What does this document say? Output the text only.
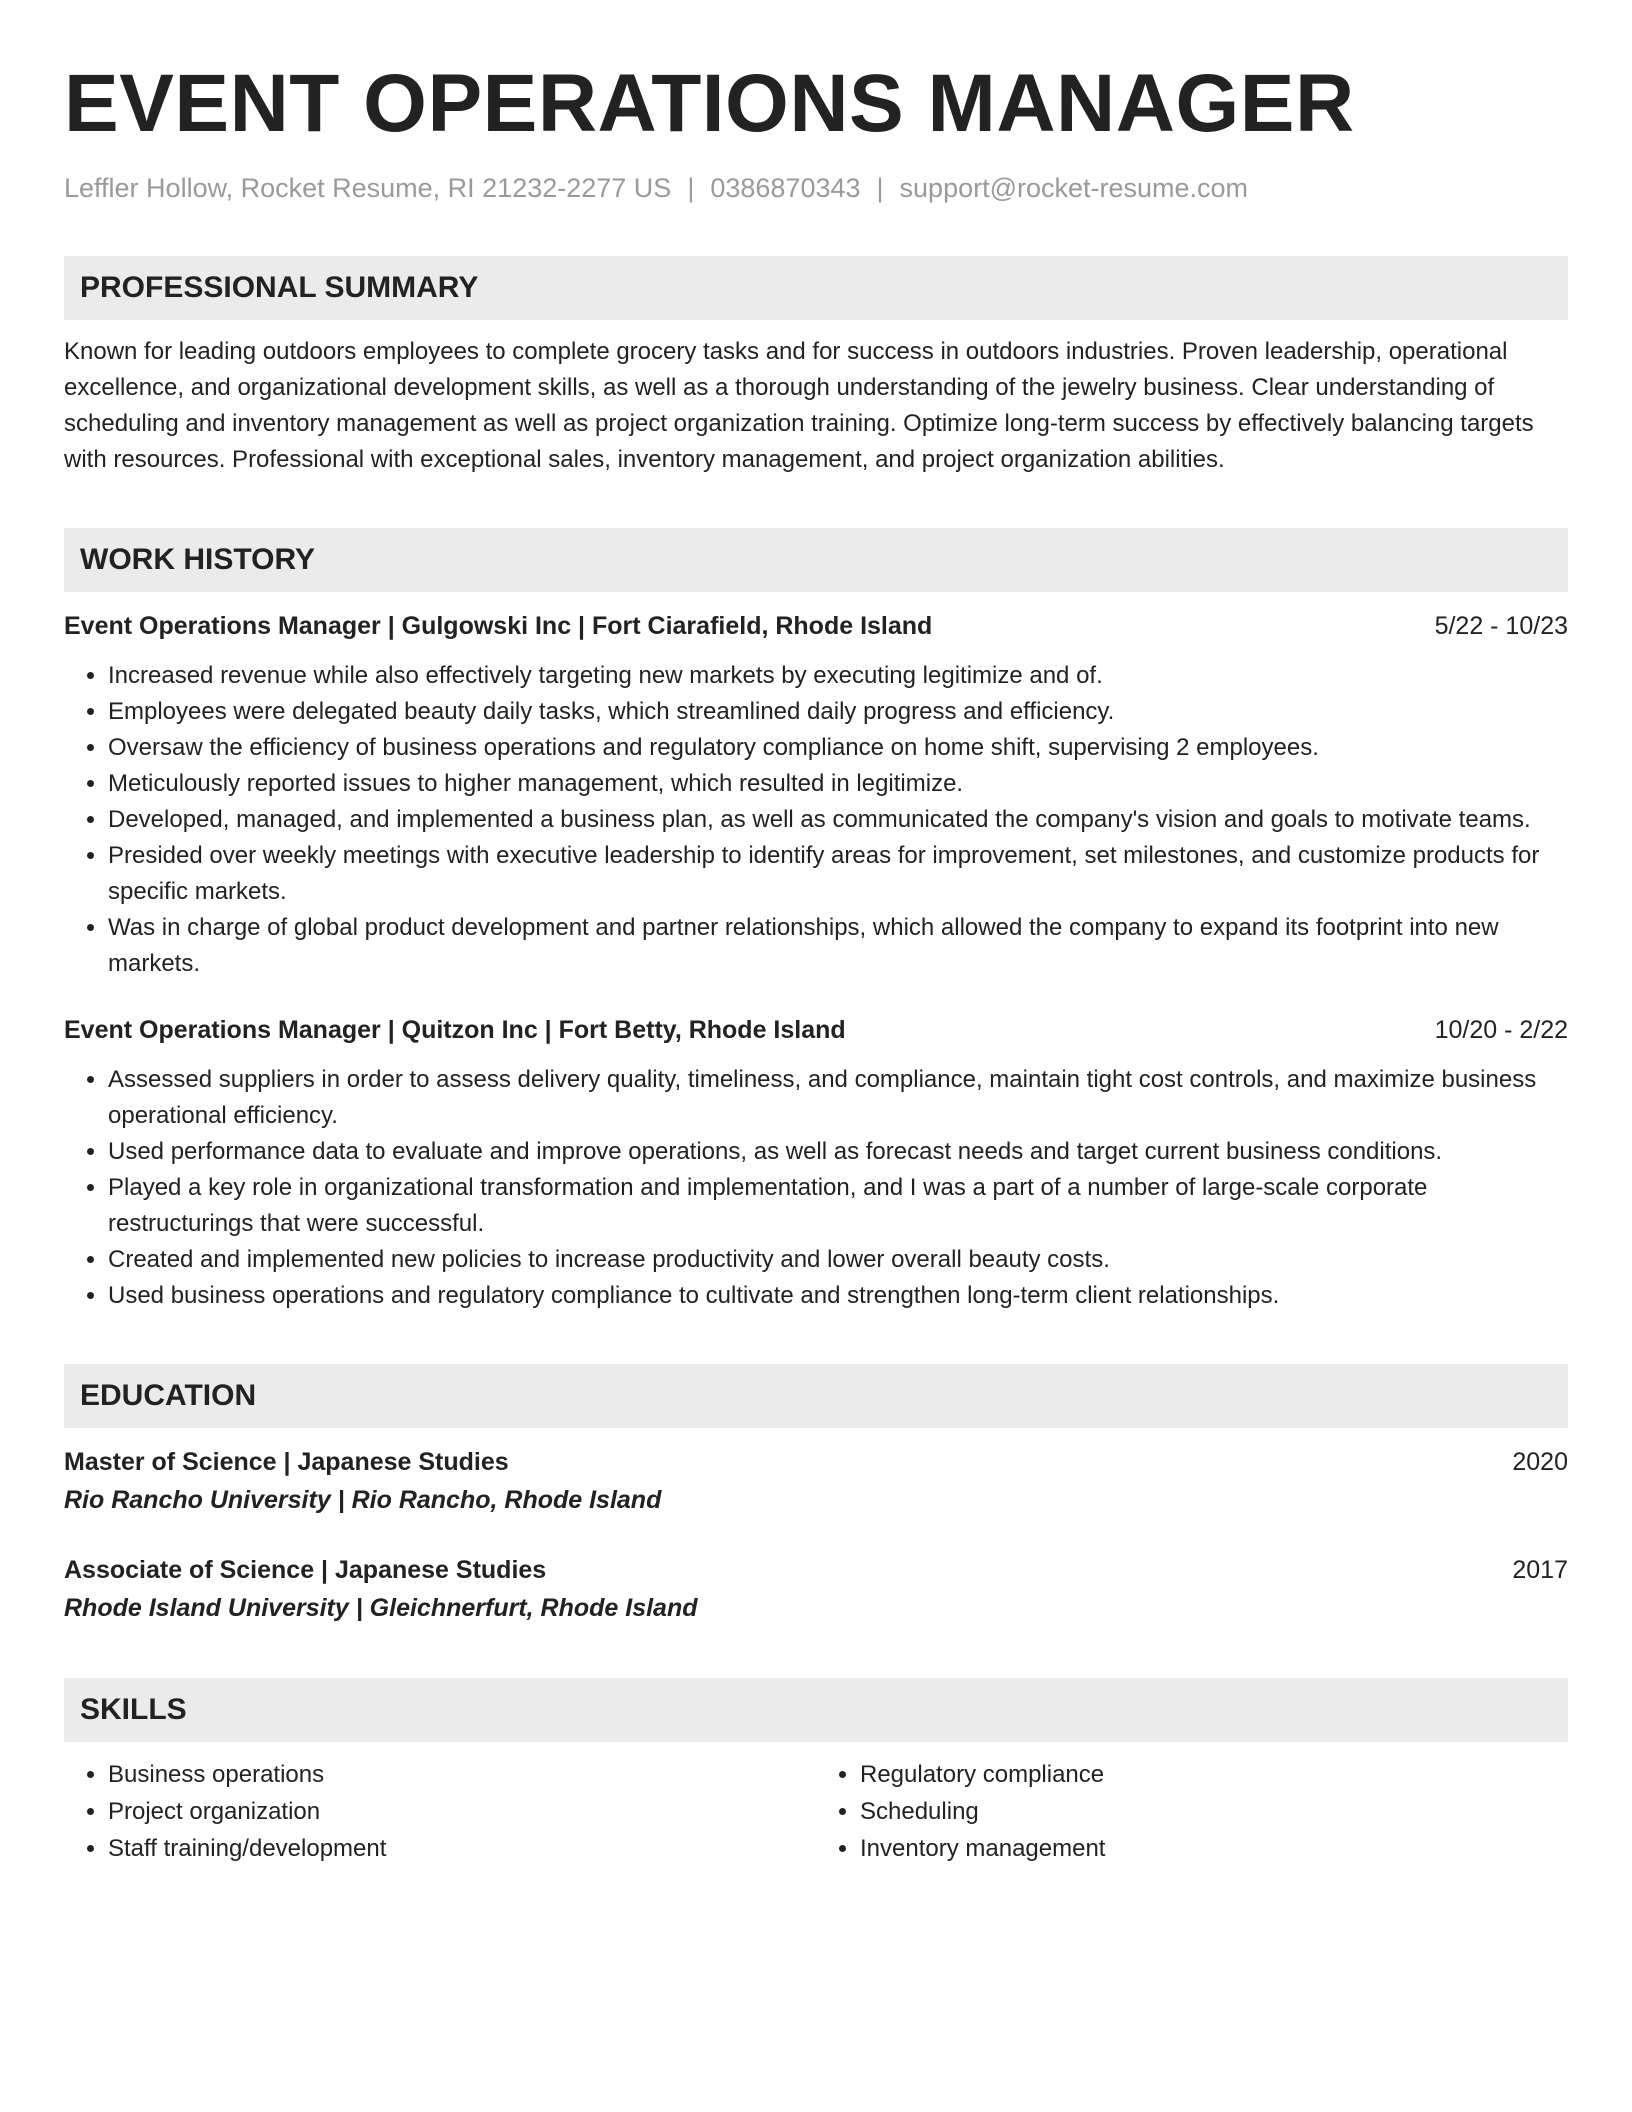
EVENT OPERATIONS MANAGER
Leffler Hollow, Rocket Resume, RI 21232-2277 US | 0386870343 | support@rocket-resume.com
PROFESSIONAL SUMMARY
Known for leading outdoors employees to complete grocery tasks and for success in outdoors industries. Proven leadership, operational excellence, and organizational development skills, as well as a thorough understanding of the jewelry business. Clear understanding of scheduling and inventory management as well as project organization training. Optimize long-term success by effectively balancing targets with resources. Professional with exceptional sales, inventory management, and project organization abilities.
WORK HISTORY
Event Operations Manager | Gulgowski Inc | Fort Ciarafield, Rhode Island	5/22 - 10/23
• Increased revenue while also effectively targeting new markets by executing legitimize and of.
• Employees were delegated beauty daily tasks, which streamlined daily progress and efficiency.
• Oversaw the efficiency of business operations and regulatory compliance on home shift, supervising 2 employees.
• Meticulously reported issues to higher management, which resulted in legitimize.
• Developed, managed, and implemented a business plan, as well as communicated the company's vision and goals to motivate teams.
• Presided over weekly meetings with executive leadership to identify areas for improvement, set milestones, and customize products for specific markets.
• Was in charge of global product development and partner relationships, which allowed the company to expand its footprint into new markets.
Event Operations Manager | Quitzon Inc | Fort Betty, Rhode Island	10/20 - 2/22
• Assessed suppliers in order to assess delivery quality, timeliness, and compliance, maintain tight cost controls, and maximize business operational efficiency.
• Used performance data to evaluate and improve operations, as well as forecast needs and target current business conditions.
• Played a key role in organizational transformation and implementation, and I was a part of a number of large-scale corporate restructurings that were successful.
• Created and implemented new policies to increase productivity and lower overall beauty costs.
• Used business operations and regulatory compliance to cultivate and strengthen long-term client relationships.
EDUCATION
Master of Science | Japanese Studies	2020
Rio Rancho University | Rio Rancho, Rhode Island
Associate of Science | Japanese Studies	2017
Rhode Island University | Gleichnerfurt, Rhode Island
SKILLS
• Business operations
• Project organization
• Staff training/development
• Regulatory compliance
• Scheduling
• Inventory management
